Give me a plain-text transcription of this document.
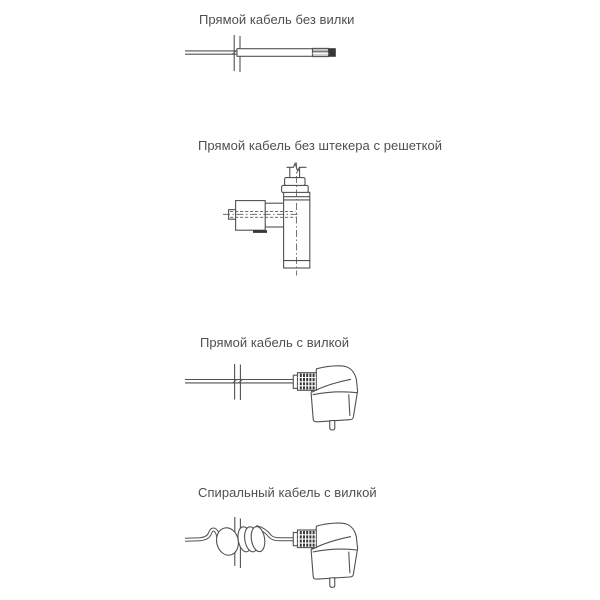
Прямой кабель без вилки
Прямой кабель без штекера с решеткой
Прямой кабель с вилкой
Спиральный кабель с вилкой
